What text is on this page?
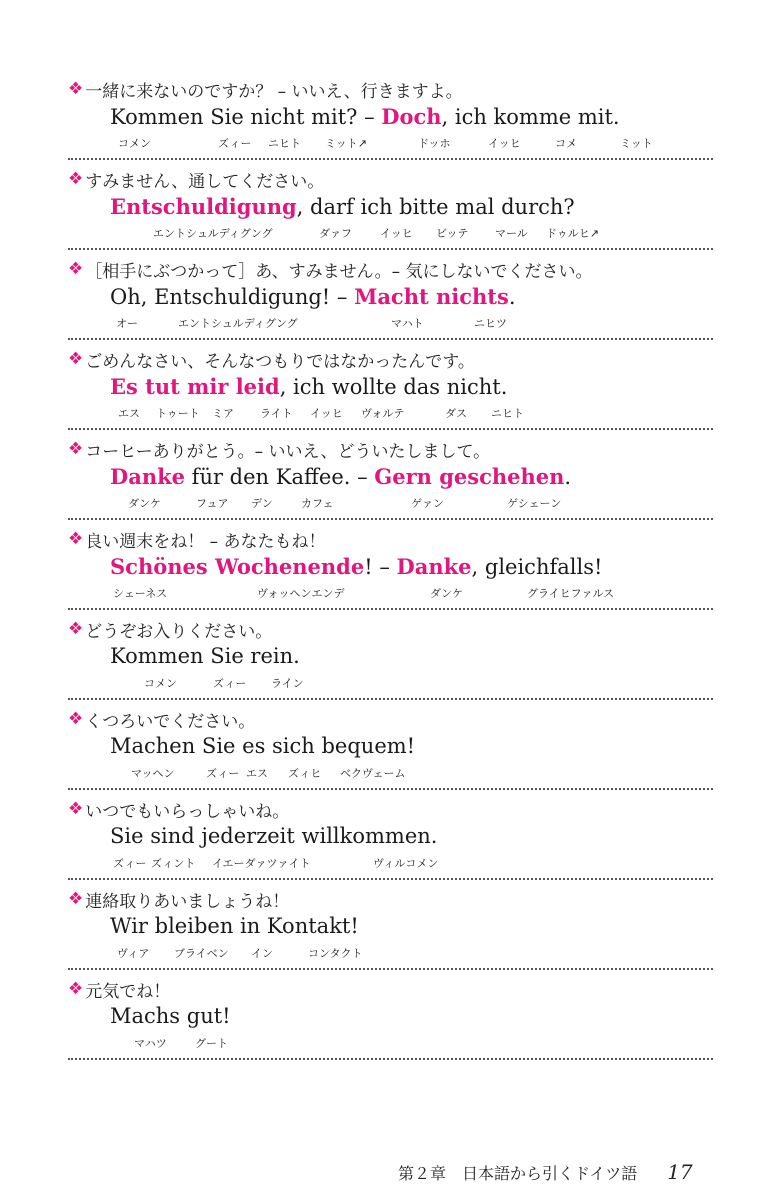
❖ 一緒に来ないのですか？ – いいえ、行きますよ。
Kommen Sie nicht mit? – Doch, ich komme mit.
コメン	ズィー ニヒト ミット↗	ドッホ	イッヒ	コメ	ミット
❖ すみません、通してください。
Entschuldigung, darf ich bitte mal durch?
エントシュルディグング	ダァフ	イッヒ ビッテ マール ドゥルヒ↗
❖ ［相手にぶつかって］あ、すみません。– 気にしないでください。
Oh, Entschuldigung! – Macht nichts.
オー	エントシュルディグング	マハト	ニヒツ
❖ ごめんなさい、そんなつもりではなかったんです。
Es tut mir leid, ich wollte das nicht.
エス トゥート ミア ライト イッヒ ヴォルテ	ダス ニヒト
❖ コーヒーありがとう。– いいえ、どういたしまして。
Danke für den Kaffee. – Gern geschehen.
ダンケ	フュア デン	カフェ	ゲァン	ゲシェーン
❖ 良い週末をね！ – あなたもね！
Schönes Wochenende! – Danke, gleichfalls!
シェーネス	ヴォッヘンエンデ	ダンケ	グライヒファルス
❖ どうぞお入りください。
Kommen Sie rein.
コメン	ズィー ライン
❖ くつろいでください。
Machen Sie es sich bequem!
マッヘン	ズィー エス ズィヒ ベクヴェーム
❖ いつでもいらっしゃいね。
Sie sind jederzeit willkommen.
ズィー ズィント イエーダァツァイト	ヴィルコメン
❖ 連絡取りあいましょうね！
Wir bleiben in Kontakt!
ヴィア ブライベン イン	コンタクト
❖ 元気でね！
Machs gut!
マハツ	グート
第２章　日本語から引くドイツ語 17
